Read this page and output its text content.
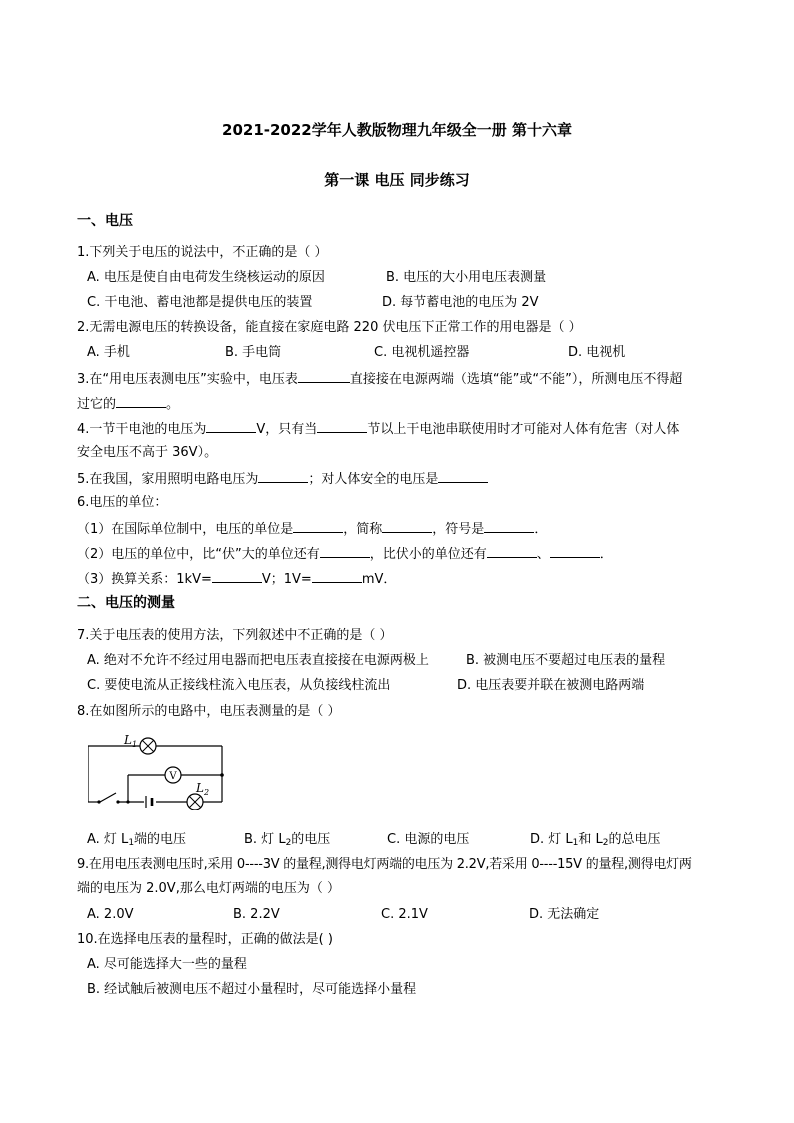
2021-2022学年人教版物理九年级全一册 第十六章
第一课 电压 同步练习
一、电压
1.下列关于电压的说法中，不正确的是（ ）
A. 电压是使自由电荷发生绕核运动的原因	B. 电压的大小用电压表测量
C. 干电池、蓄电池都是提供电压的装置	D. 每节蓄电池的电压为 2V
2.无需电源电压的转换设备，能直接在家庭电路 220 伏电压下正常工作的用电器是（ ）
A. 手机	B. 手电筒	C. 电视机遥控器	D. 电视机
3.在“用电压表测电压”实验中，电压表	直接接在电源两端（选填“能”或“不能”），所测电压不得超
过它的	。
4.一节干电池的电压为	V，只有当	节以上干电池串联使用时才可能对人体有危害（对人体
安全电压不高于 36V）。
5.在我国，家用照明电路电压为	；对人体安全的电压是
6.电压的单位：
（1）在国际单位制中，电压的单位是	，简称	，符号是	．
（2）电压的单位中，比“伏”大的单位还有	，比伏小的单位还有	、	．
（3）换算关系：1kV=	V；1V=	mV．
二、电压的测量
7.关于电压表的使用方法，下列叙述中不正确的是（ ）
A. 绝对不允许不经过用电器而把电压表直接接在电源两极上	B. 被测电压不要超过电压表的量程
C. 要使电流从正接线柱流入电压表，从负接线柱流出	D. 电压表要并联在被测电路两端
8.在如图所示的电路中，电压表测量的是（ ）
V
$L_1$
$L_2$
A. 灯 $L_1$端的电压	B. 灯 $L_2$的电压	C. 电源的电压	D. 灯 $L_1$和 $L_2$的总电压
9.在用电压表测电压时,采用 0----3V 的量程,测得电灯两端的电压为 2.2V,若采用 0----15V 的量程,测得电灯两
端的电压为 2.0V,那么电灯两端的电压为（ ）
A. 2.0V	B. 2.2V	C. 2.1V	D. 无法确定
10.在选择电压表的量程时，正确的做法是( )
A. 尽可能选择大一些的量程
B. 经试触后被测电压不超过小量程时，尽可能选择小量程
